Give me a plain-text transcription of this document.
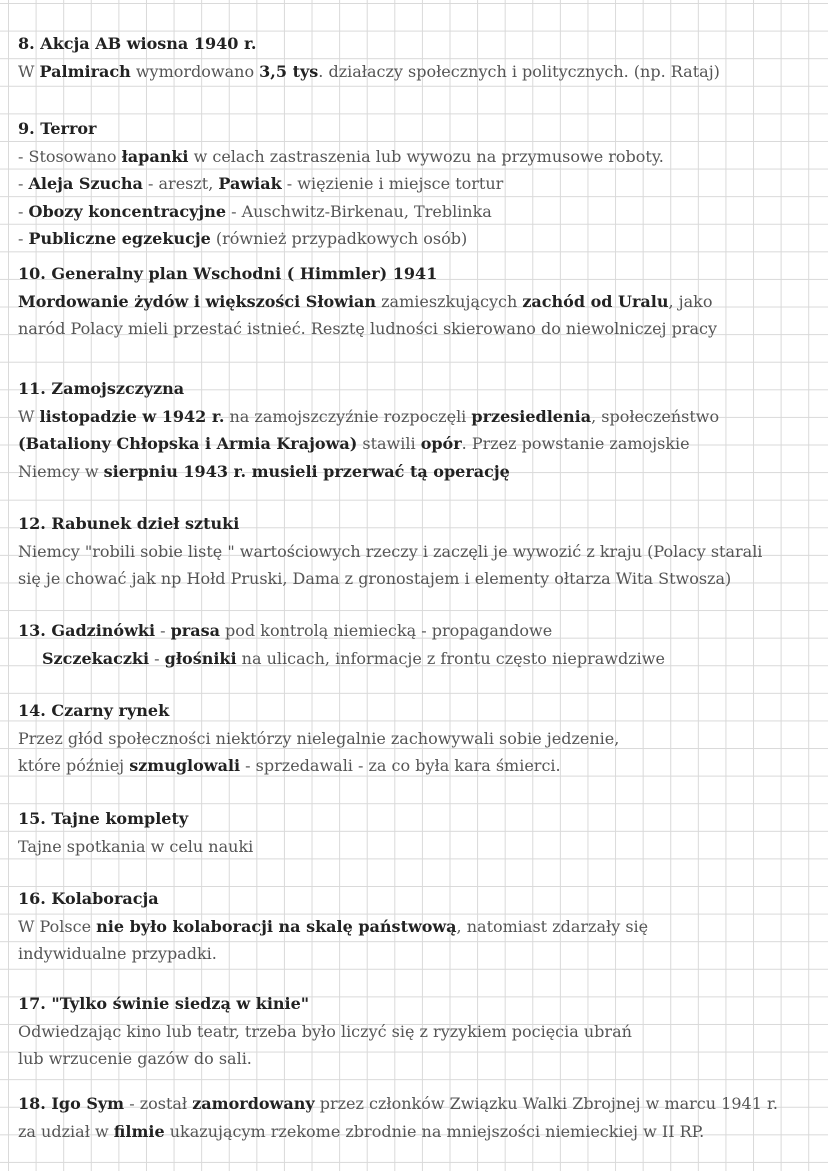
8. Akcja AB wiosna 1940 r.
W Palmirach wymordowano 3,5 tys. działaczy społecznych i politycznych. (np. Rataj)
9. Terror
- Stosowano łapanki w celach zastraszenia lub wywozu na przymusowe roboty.
- Aleja Szucha - areszt, Pawiak - więzienie i miejsce tortur
- Obozy koncentracyjne - Auschwitz-Birkenau, Treblinka
- Publiczne egzekucje (również przypadkowych osób)
10. Generalny plan Wschodni ( Himmler) 1941
Mordowanie żydów i większości Słowian zamieszkujących zachód od Uralu, jako
naród Polacy mieli przestać istnieć. Resztę ludności skierowano do niewolniczej pracy
11. Zamojszczyzna
W listopadzie w 1942 r. na zamojszczyźnie rozpoczęli przesiedlenia, społeczeństwo
(Bataliony Chłopska i Armia Krajowa) stawili opór. Przez powstanie zamojskie
Niemcy w sierpniu 1943 r. musieli przerwać tą operację
12. Rabunek dzieł sztuki
Niemcy "robili sobie listę " wartościowych rzeczy i zaczęli je wywozić z kraju (Polacy starali
się je chować jak np Hołd Pruski, Dama z gronostajem i elementy ołtarza Wita Stwosza)
13. Gadzinówki - prasa pod kontrolą niemiecką - propagandowe
Szczekaczki - głośniki na ulicach, informacje z frontu często nieprawdziwe
14. Czarny rynek
Przez głód społeczności niektórzy nielegalnie zachowywali sobie jedzenie,
które później szmuglowali - sprzedawali - za co była kara śmierci.
15. Tajne komplety
Tajne spotkania w celu nauki
16. Kolaboracja
W Polsce nie było kolaboracji na skalę państwową, natomiast zdarzały się
indywidualne przypadki.
17. "Tylko świnie siedzą w kinie"
Odwiedzając kino lub teatr, trzeba było liczyć się z ryzykiem pocięcia ubrań
lub wrzucenie gazów do sali.
18. Igo Sym - został zamordowany przez członków Związku Walki Zbrojnej w marcu 1941 r.
za udział w filmie ukazującym rzekome zbrodnie na mniejszości niemieckiej w II RP.
